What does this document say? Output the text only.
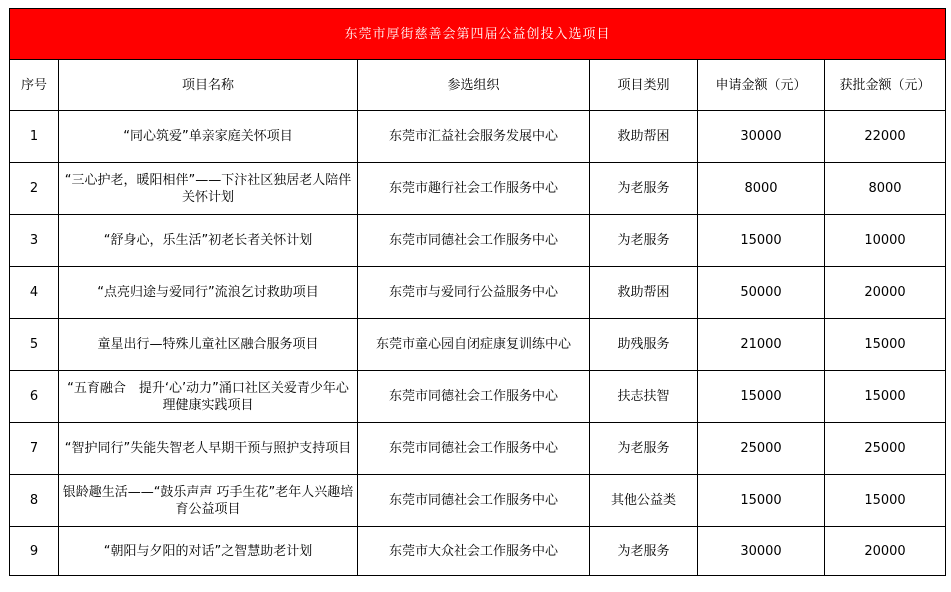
东莞市厚街慈善会第四届公益创投入选项目					
序号	项目名称	参选组织	项目类别	申请金额（元）	获批金额（元）
1	“同心筑爱”单亲家庭关怀项目	东莞市汇益社会服务发展中心	救助帮困	30000	22000
2	“三心护老，暖阳相伴”——下汴社区独居老人陪伴关怀计划	东莞市趣行社会工作服务中心	为老服务	8000	8000
3	“舒身心，乐生活”初老长者关怀计划	东莞市同德社会工作服务中心	为老服务	15000	10000
4	“点亮归途与爱同行”流浪乞讨救助项目	东莞市与爱同行公益服务中心	救助帮困	50000	20000
5	童星出行—特殊儿童社区融合服务项目	东莞市童心园自闭症康复训练中心	助残服务	21000	15000
6	“五育融合　提升‘心’动力”涌口社区关爱青少年心理健康实践项目	东莞市同德社会工作服务中心	扶志扶智	15000	15000
7	“智护同行”失能失智老人早期干预与照护支持项目	东莞市同德社会工作服务中心	为老服务	25000	25000
8	银龄趣生活——“鼓乐声声 巧手生花”老年人兴趣培育公益项目	东莞市同德社会工作服务中心	其他公益类	15000	15000
9	“朝阳与夕阳的对话”之智慧助老计划	东莞市大众社会工作服务中心	为老服务	30000	20000
